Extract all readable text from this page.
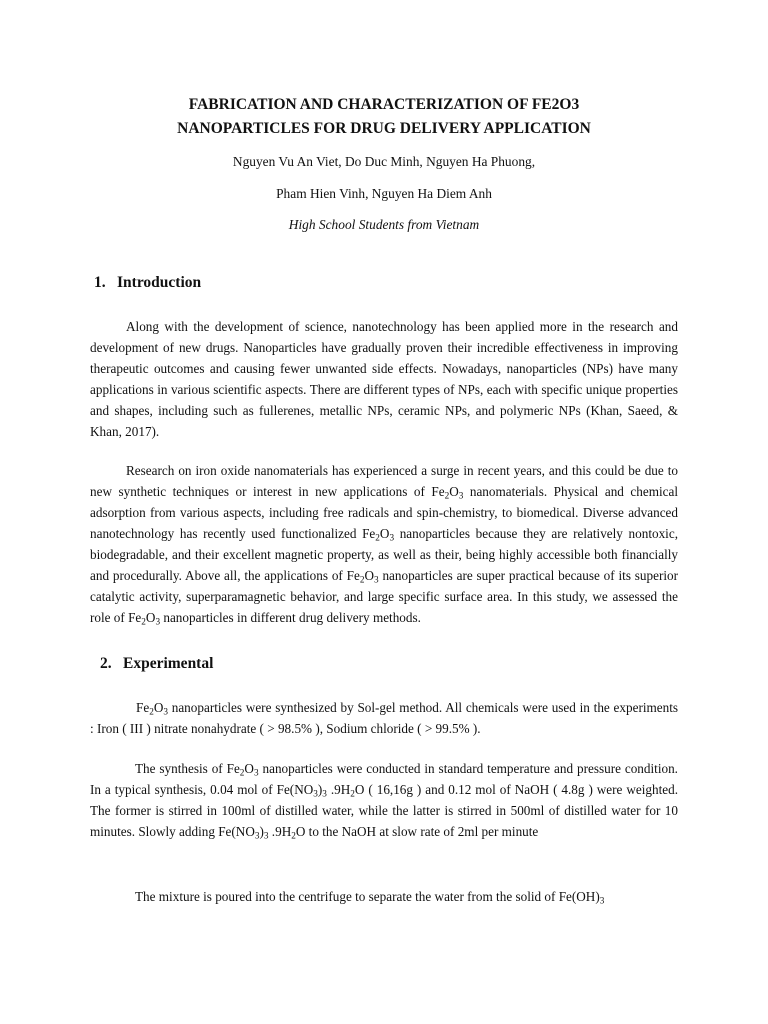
FABRICATION AND CHARACTERIZATION OF FE2O3
NANOPARTICLES FOR DRUG DELIVERY APPLICATION

Nguyen Vu An Viet, Do Duc Minh, Nguyen Ha Phuong,

Pham Hien Vinh, Nguyen Ha Diem Anh

High School Students from Vietnam

1. Introduction

Along with the development of science, nanotechnology has been applied more in the research and development of new drugs. Nanoparticles have gradually proven their incredible effectiveness in improving therapeutic outcomes and causing fewer unwanted side effects. Nowadays, nanoparticles (NPs) have many applications in various scientific aspects. There are different types of NPs, each with specific unique properties and shapes, including such as fullerenes, metallic NPs, ceramic NPs, and polymeric NPs (Khan, Saeed, & Khan, 2017).

Research on iron oxide nanomaterials has experienced a surge in recent years, and this could be due to new synthetic techniques or interest in new applications of $Fe_2O_3$ nanomaterials. Physical and chemical adsorption from various aspects, including free radicals and spin-chemistry, to biomedical. Diverse advanced nanotechnology has recently used functionalized $Fe_2O_3$ nanoparticles because they are relatively nontoxic, biodegradable, and their excellent magnetic property, as well as their, being highly accessible both financially and procedurally. Above all, the applications of $Fe_2O_3$ nanoparticles are super practical because of its superior catalytic activity, superparamagnetic behavior, and large specific surface area. In this study, we assessed the role of $Fe_2O_3$ nanoparticles in different drug delivery methods.

2. Experimental

$Fe_2O_3$ nanoparticles were synthesized by Sol-gel method. All chemicals were used in the experiments : Iron ( III ) nitrate nonahydrate ( > 98.5% ), Sodium chloride ( > 99.5% ).

The synthesis of $Fe_2O_3$ nanoparticles were conducted in standard temperature and pressure condition. In a typical synthesis, 0.04 mol of $Fe(NO_3)_3$ $.9H_2O$ ( 16,16g ) and 0.12 mol of NaOH ( 4.8g ) were weighted. The former is stirred in 100ml of distilled water, while the latter is stirred in 500ml of distilled water for 10 minutes. Slowly adding $Fe(NO_3)_3$ $.9H_2O$ to the NaOH at slow rate of 2ml per minute

The mixture is poured into the centrifuge to separate the water from the solid of $Fe(OH)_3$
